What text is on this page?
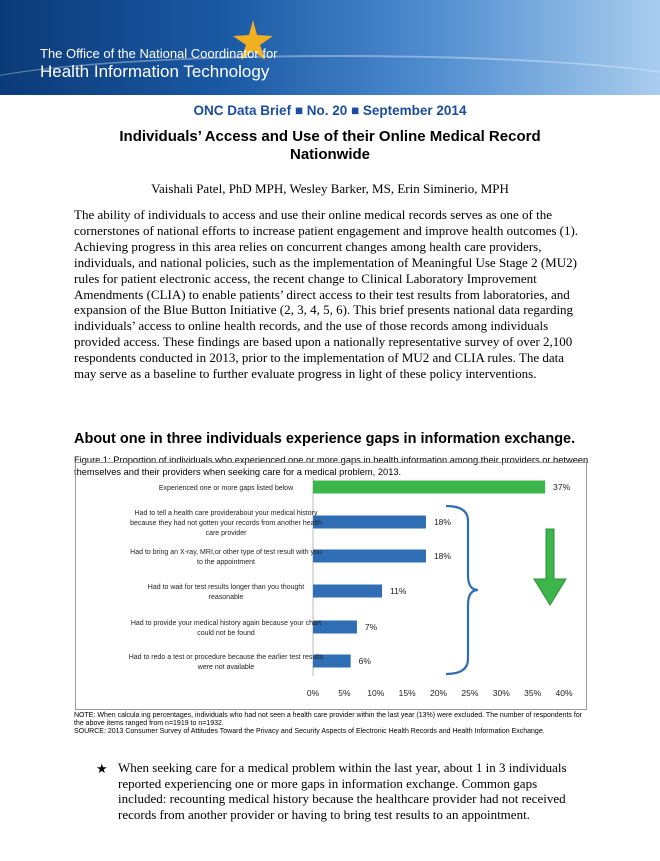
The Office of the National Coordinator for
Health Information Technology
ONC Data Brief ■ No. 20 ■ September 2014
Individuals’ Access and Use of their Online Medical Record Nationwide
Vaishali Patel, PhD MPH, Wesley Barker, MS, Erin Siminerio, MPH
The ability of individuals to access and use their online medical records serves as one of the cornerstones of national efforts to increase patient engagement and improve health outcomes (1). Achieving progress in this area relies on concurrent changes among health care providers, individuals, and national policies, such as the implementation of Meaningful Use Stage 2 (MU2) rules for patient electronic access, the recent change to Clinical Laboratory Improvement Amendments (CLIA) to enable patients’ direct access to their test results from laboratories, and expansion of the Blue Button Initiative (2, 3, 4, 5, 6). This brief presents national data regarding individuals’ access to online health records, and the use of those records among individuals provided access. These findings are based upon a nationally representative survey of over 2,100 respondents conducted in 2013, prior to the implementation of MU2 and CLIA rules. The data may serve as a baseline to further evaluate progress in light of these policy interventions.
About one in three individuals experience gaps in information exchange.
Figure 1: Proportion of individuals who experienced one or more gaps in health information among their providers or between themselves and their providers when seeking care for a medical problem, 2013.
37%
Experienced one or more gaps listed below
18%
Had to tell a health care providerabout your medical history
because they had not gotten your records from another health
care provider
18%
Had to bring an X-ray, MRI,or other type of test result with you
to the appointment
11%
Had to wait for test results longer than you thought
reasonable
7%
Had to provide your medical history again because your chart
could not be found
6%
Had to redo a test or procedure because the earlier test results
were not available
0% 5% 10% 15% 20% 25% 30% 35% 40%
NOTE: When calcula ing percentages, individuals who had not seen a health care provider within the last year (13%) were excluded. The number of respondents for the above items ranged from n=1919 to n=1932.
SOURCE: 2013 Consumer Survey of Attitudes Toward the Privacy and Security Aspects of Electronic Health Records and Health Information Exchange.
★ When seeking care for a medical problem within the last year, about 1 in 3 individuals reported experiencing one or more gaps in information exchange. Common gaps included: recounting medical history because the healthcare provider had not received records from another provider or having to bring test results to an appointment.
